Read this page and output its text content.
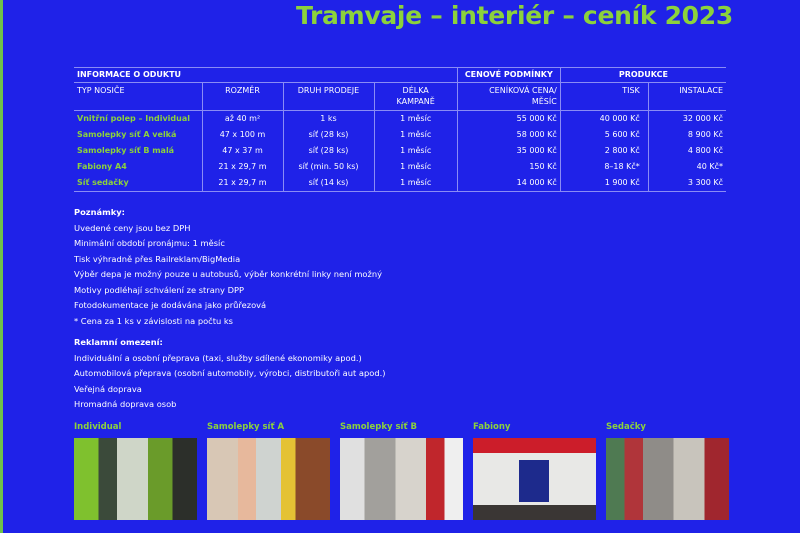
Tramvaje – interiér – ceník 2023
INFORMACE O ODUKTU				CENOVÉ PODMÍNKY	PRODUKCE	
TYP NOSIČE	ROZMĚR	DRUH PRODEJE	DÉLKA KAMPANĚ	CENÍKOVÁ CENA/ MĚSÍC	TISK	INSTALACE
Vnitřní polep – Individual	až 40 m²	1 ks	1 měsíc	55 000 Kč	40 000 Kč	32 000 Kč
Samolepky síť A velká	47 x 100 m	síť (28 ks)	1 měsíc	58 000 Kč	5 600 Kč	8 900 Kč
Samolepky síť B malá	47 x 37 m	síť (28 ks)	1 měsíc	35 000 Kč	2 800 Kč	4 800 Kč
Fabiony A4	21 x 29,7 m	síť (min. 50 ks)	1 měsíc	150 Kč	8–18 Kč*	40 Kč*
Síť sedačky	21 x 29,7 m	síť (14 ks)	1 měsíc	14 000 Kč	1 900 Kč	3 300 Kč
Poznámky:
Uvedené ceny jsou bez DPH
Minimální období pronájmu: 1 měsíc
Tisk výhradně přes Railreklam/BigMedia
Výběr depa je možný pouze u autobusů, výběr konkrétní linky není možný
Motivy podléhají schválení ze strany DPP
Fotodokumentace je dodávána jako průřezová
* Cena za 1 ks v závislosti na počtu ks
Reklamní omezení:
Individuální a osobní přeprava (taxi, služby sdílené ekonomiky apod.)
Automobilová přeprava (osobní automobily, výrobci, distributoři aut apod.)
Veřejná doprava
Hromadná doprava osob
Individual	Samolepky síť A	Samolepky síť B	Fabiony	Sedačky
